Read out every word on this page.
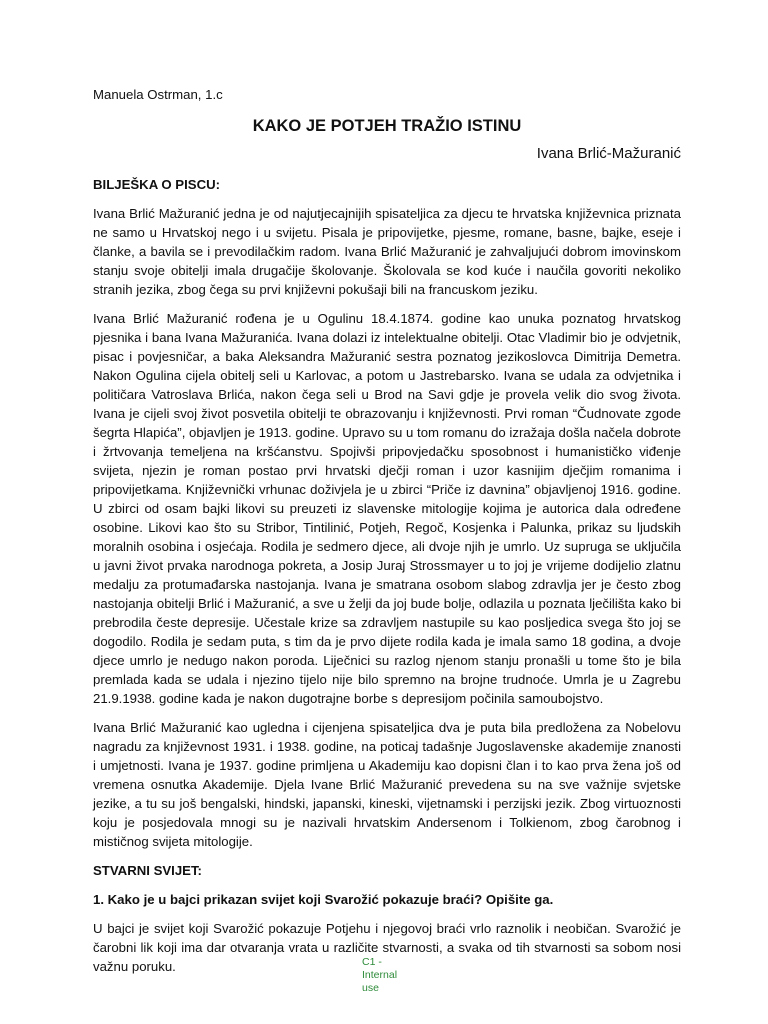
Manuela Ostrman, 1.c

KAKO JE POTJEH TRAŽIO ISTINU

Ivana Brlić-Mažuranić

BILJEŠKA O PISCU:

Ivana Brlić Mažuranić jedna je od najutjecajnijih spisateljica za djecu te hrvatska književnica priznata ne samo u Hrvatskoj nego i u svijetu. Pisala je pripovijetke, pjesme, romane, basne, bajke, eseje i članke, a bavila se i prevodilačkim radom. Ivana Brlić Mažuranić je zahvaljujući dobrom imovinskom stanju svoje obitelji imala drugačije školovanje. Školovala se kod kuće i naučila govoriti nekoliko stranih jezika, zbog čega su prvi književni pokušaji bili na francuskom jeziku.

Ivana Brlić Mažuranić rođena je u Ogulinu 18.4.1874. godine kao unuka poznatog hrvatskog pjesnika i bana Ivana Mažuranića. Ivana dolazi iz intelektualne obitelji. Otac Vladimir bio je odvjetnik, pisac i povjesničar, a baka Aleksandra Mažuranić sestra poznatog jezikoslovca Dimitrija Demetra. Nakon Ogulina cijela obitelj seli u Karlovac, a potom u Jastrebarsko. Ivana se udala za odvjetnika i političara Vatroslava Brlića, nakon čega seli u Brod na Savi gdje je provela velik dio svog života. Ivana je cijeli svoj život posvetila obitelji te obrazovanju i književnosti. Prvi roman “Čudnovate zgode šegrta Hlapića”, objavljen je 1913. godine. Upravo su u tom romanu do izražaja došla načela dobrote i žrtvovanja temeljena na kršćanstvu. Spojivši pripovjedačku sposobnost i humanističko viđenje svijeta, njezin je roman postao prvi hrvatski dječji roman i uzor kasnijim dječjim romanima i pripovijetkama. Književnički vrhunac doživjela je u zbirci “Priče iz davnina” objavljenoj 1916. godine. U zbirci od osam bajki likovi su preuzeti iz slavenske mitologije kojima je autorica dala određene osobine. Likovi kao što su Stribor, Tintilinić, Potjeh, Regoč, Kosjenka i Palunka, prikaz su ljudskih moralnih osobina i osjećaja. Rodila je sedmero djece, ali dvoje njih je umrlo. Uz supruga se uključila u javni život prvaka narodnoga pokreta, a Josip Juraj Strossmayer u to joj je vrijeme dodijelio zlatnu medalju za protumađarska nastojanja. Ivana je smatrana osobom slabog zdravlja jer je često zbog nastojanja obitelji Brlić i Mažuranić, a sve u želji da joj bude bolje, odlazila u poznata lječilišta kako bi prebrodila česte depresije. Učestale krize sa zdravljem nastupile su kao posljedica svega što joj se dogodilo. Rodila je sedam puta, s tim da je prvo dijete rodila kada je imala samo 18 godina, a dvoje djece umrlo je nedugo nakon poroda. Liječnici su razlog njenom stanju pronašli u tome što je bila premlada kada se udala i njezino tijelo nije bilo spremno na brojne trudnoće. Umrla je u Zagrebu 21.9.1938. godine kada je nakon dugotrajne borbe s depresijom počinila samoubojstvo.

Ivana Brlić Mažuranić kao ugledna i cijenjena spisateljica dva je puta bila predložena za Nobelovu nagradu za književnost 1931. i 1938. godine, na poticaj tadašnje Jugoslavenske akademije znanosti i umjetnosti. Ivana je 1937. godine primljena u Akademiju kao dopisni član i to kao prva žena još od vremena osnutka Akademije. Djela Ivane Brlić Mažuranić prevedena su na sve važnije svjetske jezike, a tu su još bengalski, hindski, japanski, kineski, vijetnamski i perzijski jezik. Zbog virtuoznosti koju je posjedovala mnogi su je nazivali hrvatskim Andersenom i Tolkienom, zbog čarobnog i mističnog svijeta mitologije.

STVARNI SVIJET:

1. Kako je u bajci prikazan svijet koji Svarožić pokazuje braći? Opišite ga.

U bajci je svijet koji Svarožić pokazuje Potjehu i njegovoj braći vrlo raznolik i neobičan. Svarožić je čarobni lik koji ima dar otvaranja vrata u različite stvarnosti, a svaka od tih stvarnosti sa sobom nosi važnu poruku.	C1 -
Internal
use
